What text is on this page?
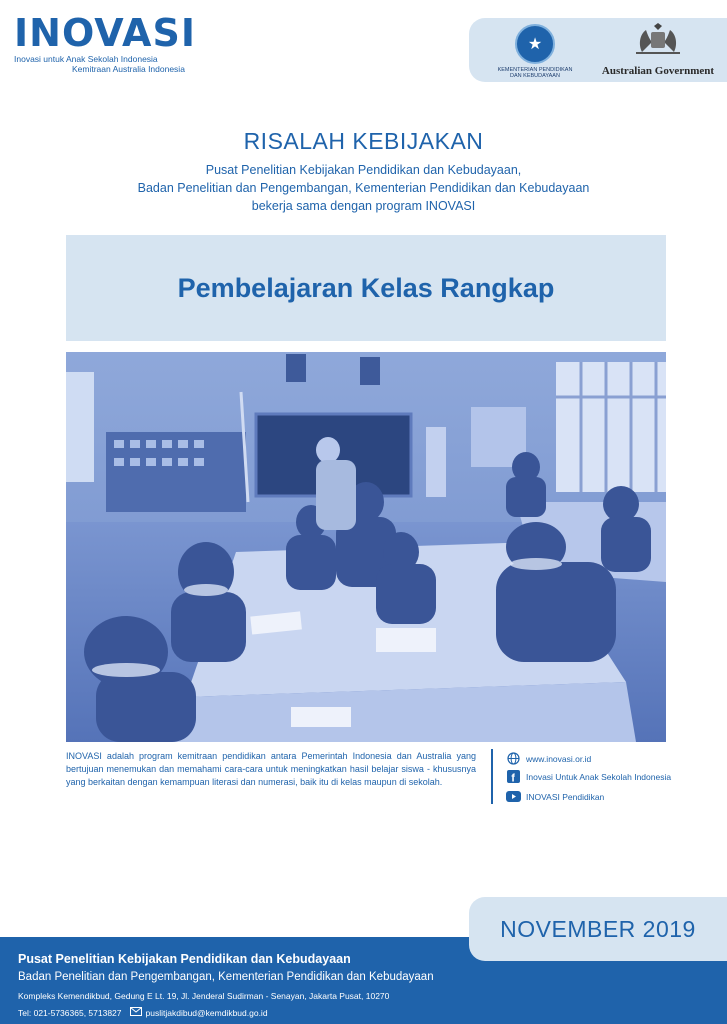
INOVASI
Inovasi untuk Anak Sekolah Indonesia
Kemitraan Australia Indonesia
★
KEMENTERIAN PENDIDIKAN DAN KEBUDAYAAN	Australian Government
RISALAH KEBIJAKAN
Pusat Penelitian Kebijakan Pendidikan dan Kebudayaan,
Badan Penelitian dan Pengembangan, Kementerian Pendidikan dan Kebudayaan
bekerja sama dengan program INOVASI
Pembelajaran Kelas Rangkap
INOVASI adalah program kemitraan pendidikan antara Pemerintah Indonesia dan Australia yang bertujuan menemukan dan memahami cara-cara untuk meningkatkan hasil belajar siswa - khususnya yang berkaitan dengan kemampuan literasi dan numerasi, baik itu di kelas maupun di sekolah.
www.inovasi.or.id
f Inovasi Untuk Anak Sekolah Indonesia
INOVASI Pendidikan
Pusat Penelitian Kebijakan Pendidikan dan Kebudayaan
Badan Penelitian dan Pengembangan, Kementerian Pendidikan dan Kebudayaan
Kompleks Kemendikbud, Gedung E Lt. 19, Jl. Jenderal Sudirman - Senayan, Jakarta Pusat, 10270
Tel: 021-5736365, 5713827	puslitjakdibud@kemdikbud.go.id
NOVEMBER 2019
